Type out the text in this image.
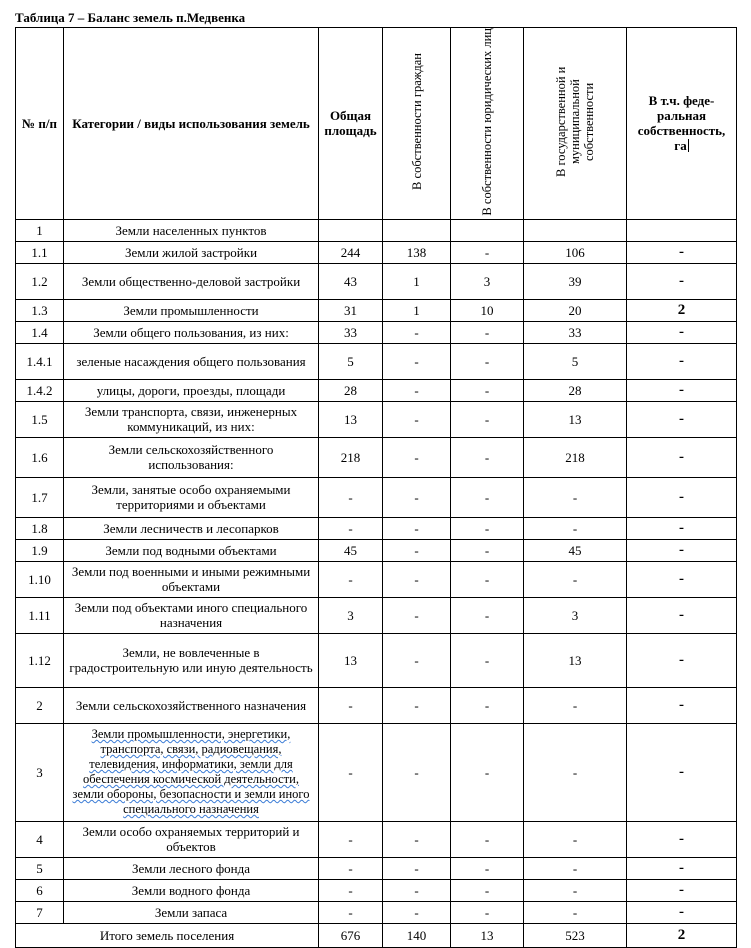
Таблица 7 – Баланс земель п.Медвенка
№ п/п	Категории / виды использования земель	Общая площадь	В собственности граждан	В собственности юридических лиц	В государственной и муниципальной собственности	В т.ч. феде-ральная собственность, га
1	Земли населенных пунктов					
1.1	Земли жилой застройки	244	138	-	106	-
1.2	Земли общественно-деловой застройки	43	1	3	39	-
1.3	Земли промышленности	31	1	10	20	2
1.4	Земли общего пользования, из них:	33	-	-	33	-
1.4.1	зеленые насаждения общего пользования	5	-	-	5	-
1.4.2	улицы, дороги, проезды, площади	28	-	-	28	-
1.5	Земли транспорта, связи, инженерных коммуникаций, из них:	13	-	-	13	-
1.6	Земли сельскохозяйственного использования:	218	-	-	218	-
1.7	Земли, занятые особо охраняемыми территориями и объектами	-	-	-	-	-
1.8	Земли лесничеств и лесопарков	-	-	-	-	-
1.9	Земли под водными объектами	45	-	-	45	-
1.10	Земли под военными и иными режимными объектами	-	-	-	-	-
1.11	Земли под объектами иного специального назначения	3	-	-	3	-
1.12	Земли, не вовлеченные в градостроительную или иную деятельность	13	-	-	13	-
2	Земли сельскохозяйственного назначения	-	-	-	-	-
3	Земли промышленности, энергетики, транспорта, связи, радиовещания, телевидения, информатики, земли для обеспечения космической деятельности, земли обороны, безопасности и земли иного специального назначения	-	-	-	-	-
4	Земли особо охраняемых территорий и объектов	-	-	-	-	-
5	Земли лесного фонда	-	-	-	-	-
6	Земли водного фонда	-	-	-	-	-
7	Земли запаса	-	-	-	-	-
Итого земель поселения		676	140	13	523	2
